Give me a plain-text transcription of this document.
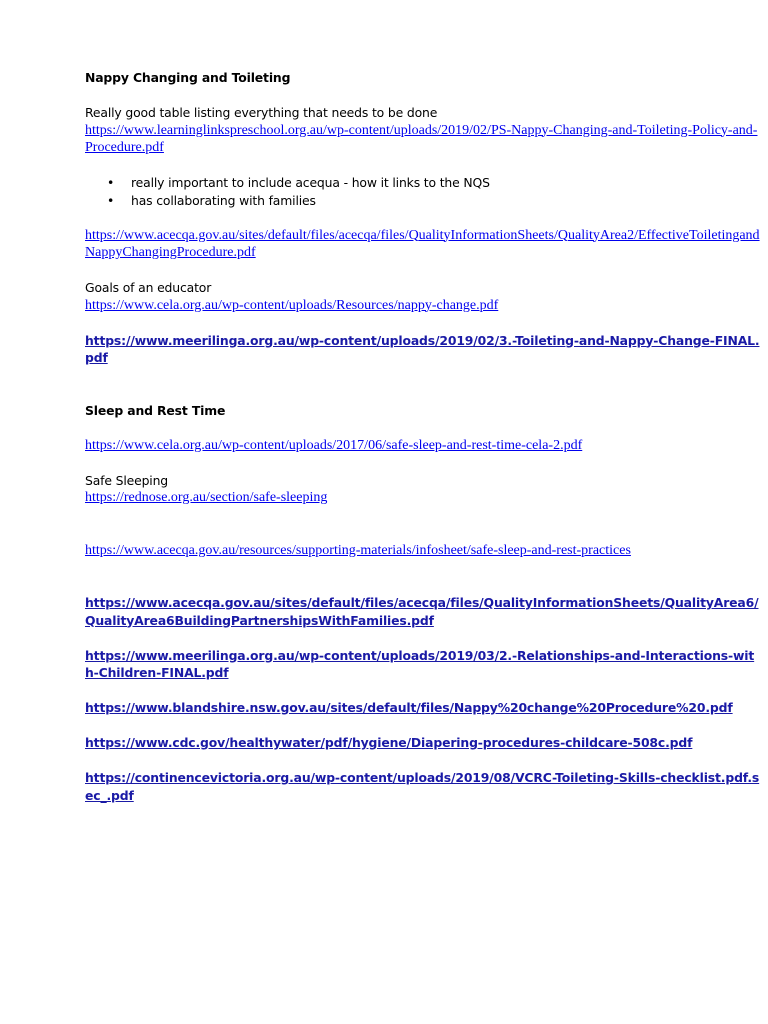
Nappy Changing and Toileting
Really good table listing everything that needs to be done
https://www.learninglinkspreschool.org.au/wp-content/uploads/2019/02/PS-Nappy-Changing-and-Toileting-Policy-and-Procedure.pdf
• really important to include acequa - how it links to the NQS
• has collaborating with families
https://www.acecqa.gov.au/sites/default/files/acecqa/files/QualityInformationSheets/QualityArea2/EffectiveToiletingandNappyChangingProcedure.pdf
Goals of an educator
https://www.cela.org.au/wp-content/uploads/Resources/nappy-change.pdf
https://www.meerilinga.org.au/wp-content/uploads/2019/02/3.-Toileting-and-Nappy-Change-FINAL.pdf
Sleep and Rest Time
https://www.cela.org.au/wp-content/uploads/2017/06/safe-sleep-and-rest-time-cela-2.pdf
Safe Sleeping
https://rednose.org.au/section/safe-sleeping
https://www.acecqa.gov.au/resources/supporting-materials/infosheet/safe-sleep-and-rest-practices
https://www.acecqa.gov.au/sites/default/files/acecqa/files/QualityInformationSheets/QualityArea6/QualityArea6BuildingPartnershipsWithFamilies.pdf
https://www.meerilinga.org.au/wp-content/uploads/2019/03/2.-Relationships-and-Interactions-with-Children-FINAL.pdf
https://www.blandshire.nsw.gov.au/sites/default/files/Nappy%20change%20Procedure%20.pdf
https://www.cdc.gov/healthywater/pdf/hygiene/Diapering-procedures-childcare-508c.pdf
https://continencevictoria.org.au/wp-content/uploads/2019/08/VCRC-Toileting-Skills-checklist.pdf.sec_.pdf
